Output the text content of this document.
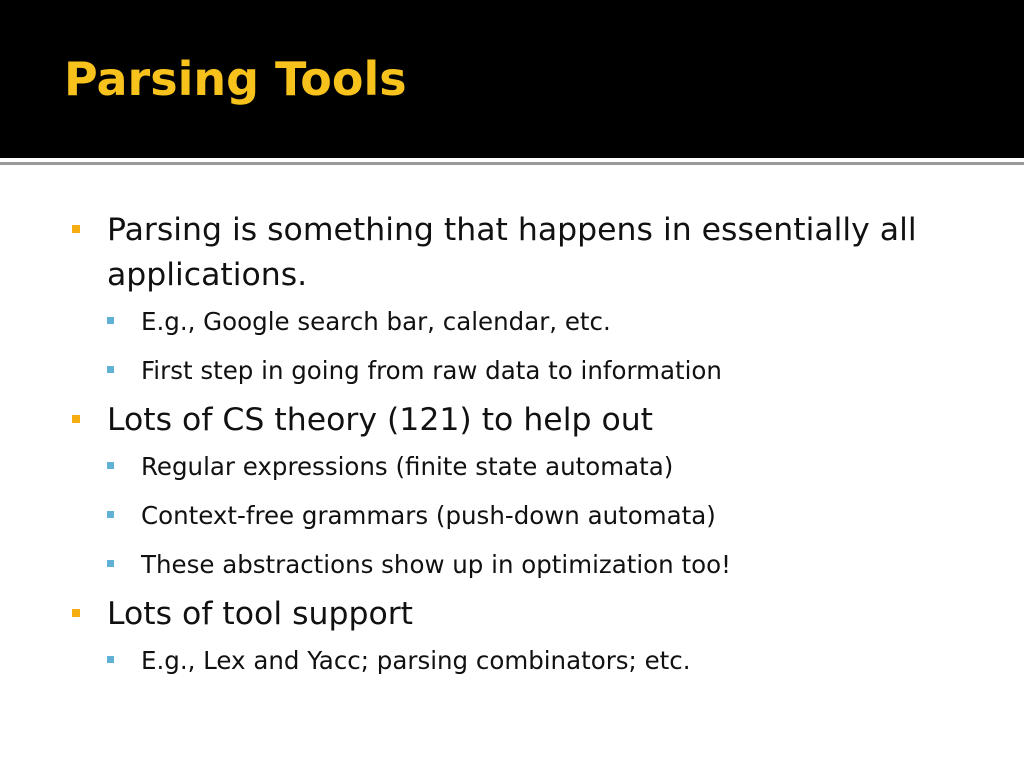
Parsing Tools
Parsing is something that happens in essentially all applications.
E.g., Google search bar, calendar, etc.
First step in going from raw data to information
Lots of CS theory (121) to help out
Regular expressions (finite state automata)
Context-free grammars (push-down automata)
These abstractions show up in optimization too!
Lots of tool support
E.g., Lex and Yacc; parsing combinators; etc.
